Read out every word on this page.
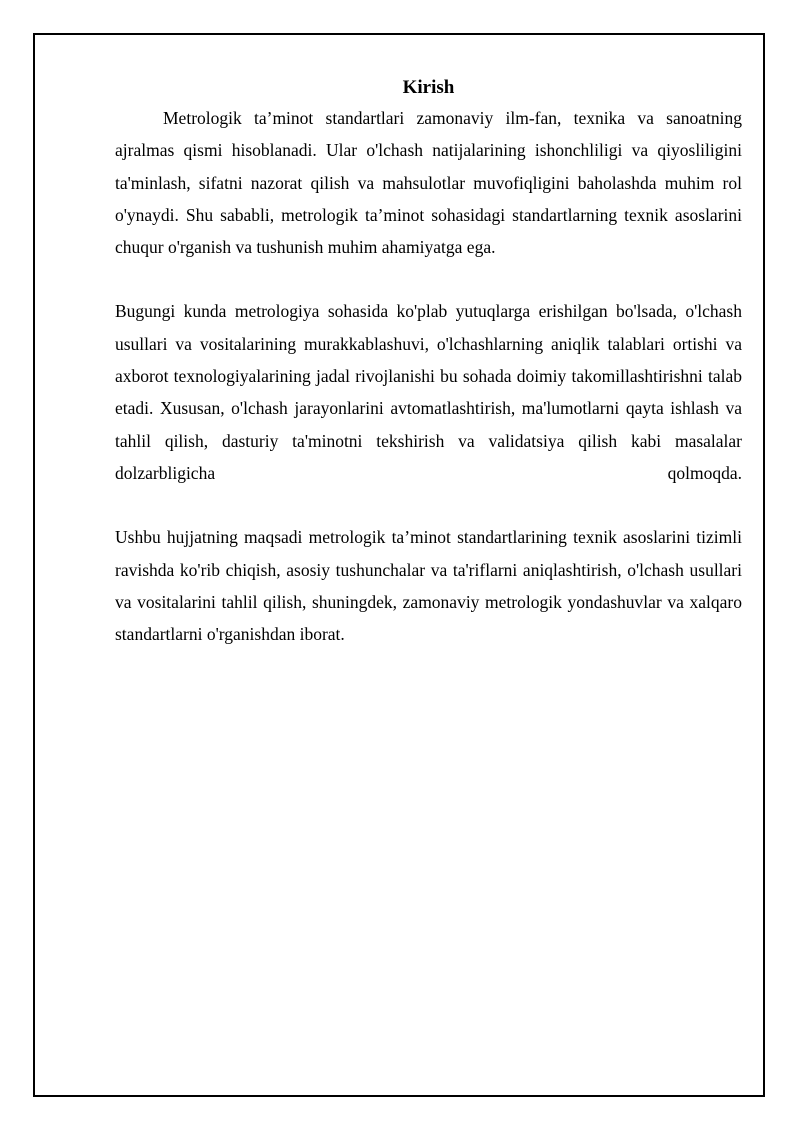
Kirish

Metrologik ta’minot standartlari zamonaviy ilm-fan, texnika va sanoatning ajralmas qismi hisoblanadi. Ular o'lchash natijalarining ishonchliligi va qiyosliligini ta'minlash, sifatni nazorat qilish va mahsulotlar muvofiqligini baholashda muhim rol o'ynaydi. Shu sababli, metrologik ta’minot sohasidagi standartlarning texnik asoslarini chuqur o'rganish va tushunish muhim ahamiyatga ega.

Bugungi kunda metrologiya sohasida ko'plab yutuqlarga erishilgan bo'lsada, o'lchash usullari va vositalarining murakkablashuvi, o'lchashlarning aniqlik talablari ortishi va axborot texnologiyalarining jadal rivojlanishi bu sohada doimiy takomillashtirishni talab etadi. Xususan, o'lchash jarayonlarini avtomatlashtirish, ma'lumotlarni qayta ishlash va tahlil qilish, dasturiy ta'minotni tekshirish va validatsiya qilish kabi masalalar dolzarbligicha qolmoqda.

Ushbu hujjatning maqsadi metrologik ta’minot standartlarining texnik asoslarini tizimli ravishda ko'rib chiqish, asosiy tushunchalar va ta'riflarni aniqlashtirish, o'lchash usullari va vositalarini tahlil qilish, shuningdek, zamonaviy metrologik yondashuvlar va xalqaro standartlarni o'rganishdan iborat.
